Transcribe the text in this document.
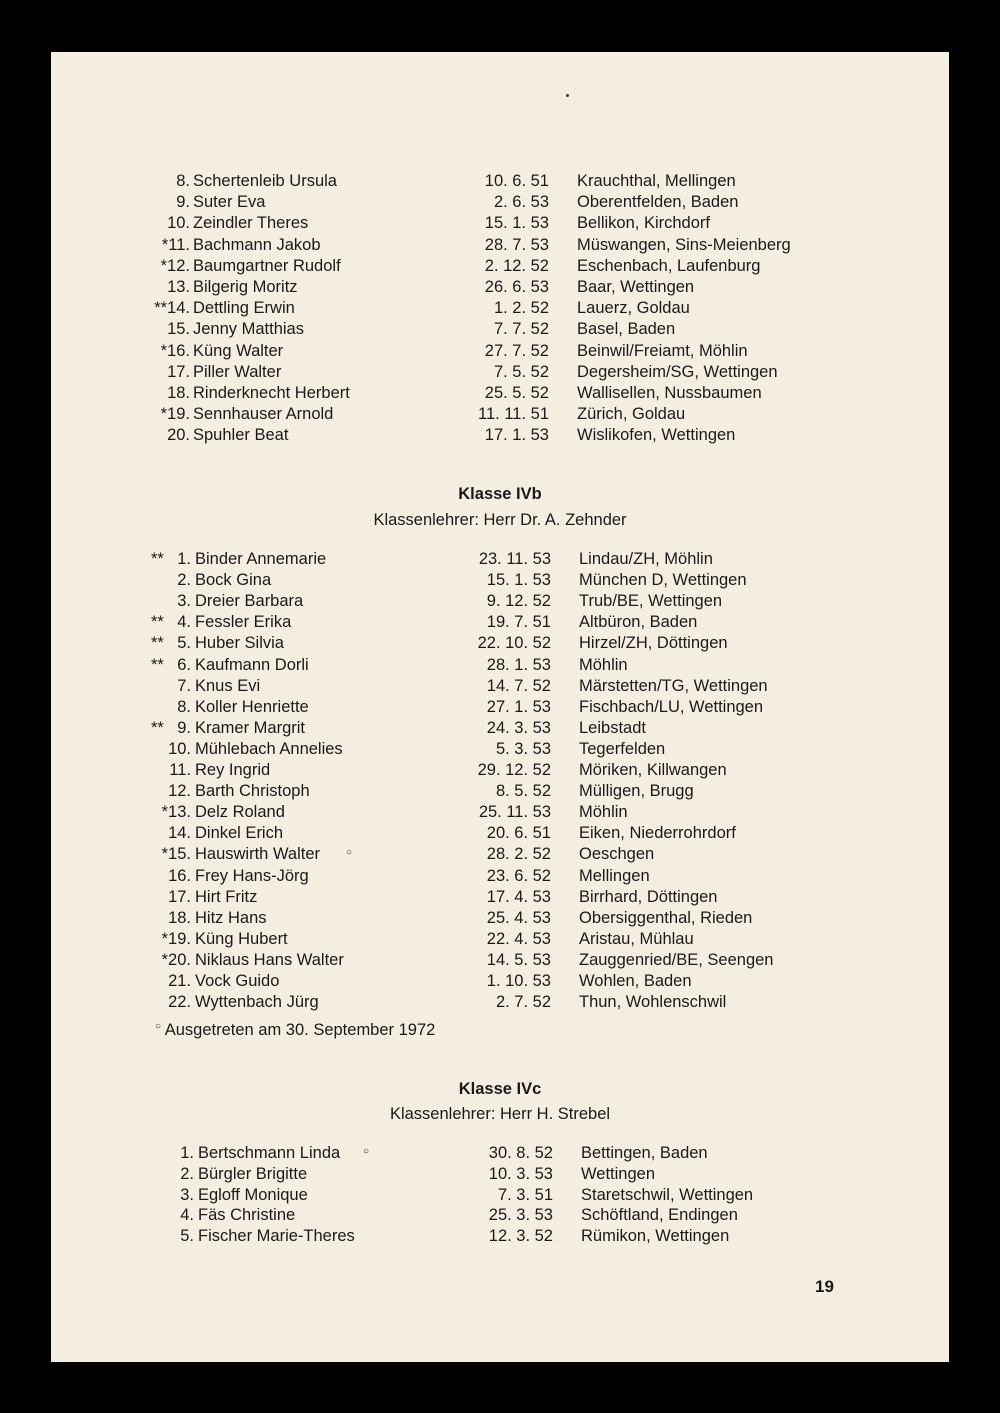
8. Schertenleib Ursula	10. 6. 51 Krauchthal, Mellingen
9. Suter Eva	2. 6. 53 Oberentfelden, Baden
10. Zeindler Theres	15. 1. 53 Bellikon, Kirchdorf
*11. Bachmann Jakob	28. 7. 53 Müswangen, Sins-Meienberg
*12. Baumgartner Rudolf	2. 12. 52 Eschenbach, Laufenburg
13. Bilgerig Moritz	26. 6. 53 Baar, Wettingen
**14. Dettling Erwin	1. 2. 52 Lauerz, Goldau
15. Jenny Matthias	7. 7. 52 Basel, Baden
*16. Küng Walter	27. 7. 52 Beinwil/Freiamt, Möhlin
17. Piller Walter	7. 5. 52 Degersheim/SG, Wettingen
18. Rinderknecht Herbert	25. 5. 52 Wallisellen, Nussbaumen
*19. Sennhauser Arnold	11. 11. 51 Zürich, Goldau
20. Spuhler Beat	17. 1. 53 Wislikofen, Wettingen
Klasse IVb
Klassenlehrer: Herr Dr. A. Zehnder
** 1. Binder Annemarie	23. 11. 53 Lindau/ZH, Möhlin
2. Bock Gina	15. 1. 53 München D, Wettingen
3. Dreier Barbara	9. 12. 52 Trub/BE, Wettingen
** 4. Fessler Erika	19. 7. 51 Altbüron, Baden
** 5. Huber Silvia	22. 10. 52 Hirzel/ZH, Döttingen
** 6. Kaufmann Dorli	28. 1. 53 Möhlin
7. Knus Evi	14. 7. 52 Märstetten/TG, Wettingen
8. Koller Henriette	27. 1. 53 Fischbach/LU, Wettingen
** 9. Kramer Margrit	24. 3. 53 Leibstadt
10. Mühlebach Annelies	5. 3. 53 Tegerfelden
11. Rey Ingrid	29. 12. 52 Möriken, Killwangen
12. Barth Christoph	8. 5. 52 Mülligen, Brugg
*13. Delz Roland	25. 11. 53 Möhlin
14. Dinkel Erich	20. 6. 51 Eiken, Niederrohrdorf
*15. Hauswirth Walter	○	28. 2. 52 Oeschgen
16. Frey Hans-Jörg	23. 6. 52 Mellingen
17. Hirt Fritz	17. 4. 53 Birrhard, Döttingen
18. Hitz Hans	25. 4. 53 Obersiggenthal, Rieden
*19. Küng Hubert	22. 4. 53 Aristau, Mühlau
*20. Niklaus Hans Walter	14. 5. 53 Zauggenried/BE, Seengen
21. Vock Guido	1. 10. 53 Wohlen, Baden
22. Wyttenbach Jürg	2. 7. 52 Thun, Wohlenschwil
○ Ausgetreten am 30. September 1972
Klasse IVc
Klassenlehrer: Herr H. Strebel
1. Bertschmann Linda ○	30. 8. 52 Bettingen, Baden
2. Bürgler Brigitte	10. 3. 53 Wettingen
3. Egloff Monique	7. 3. 51 Staretschwil, Wettingen
4. Fäs Christine	25. 3. 53 Schöftland, Endingen
5. Fischer Marie-Theres	12. 3. 52 Rümikon, Wettingen
19
